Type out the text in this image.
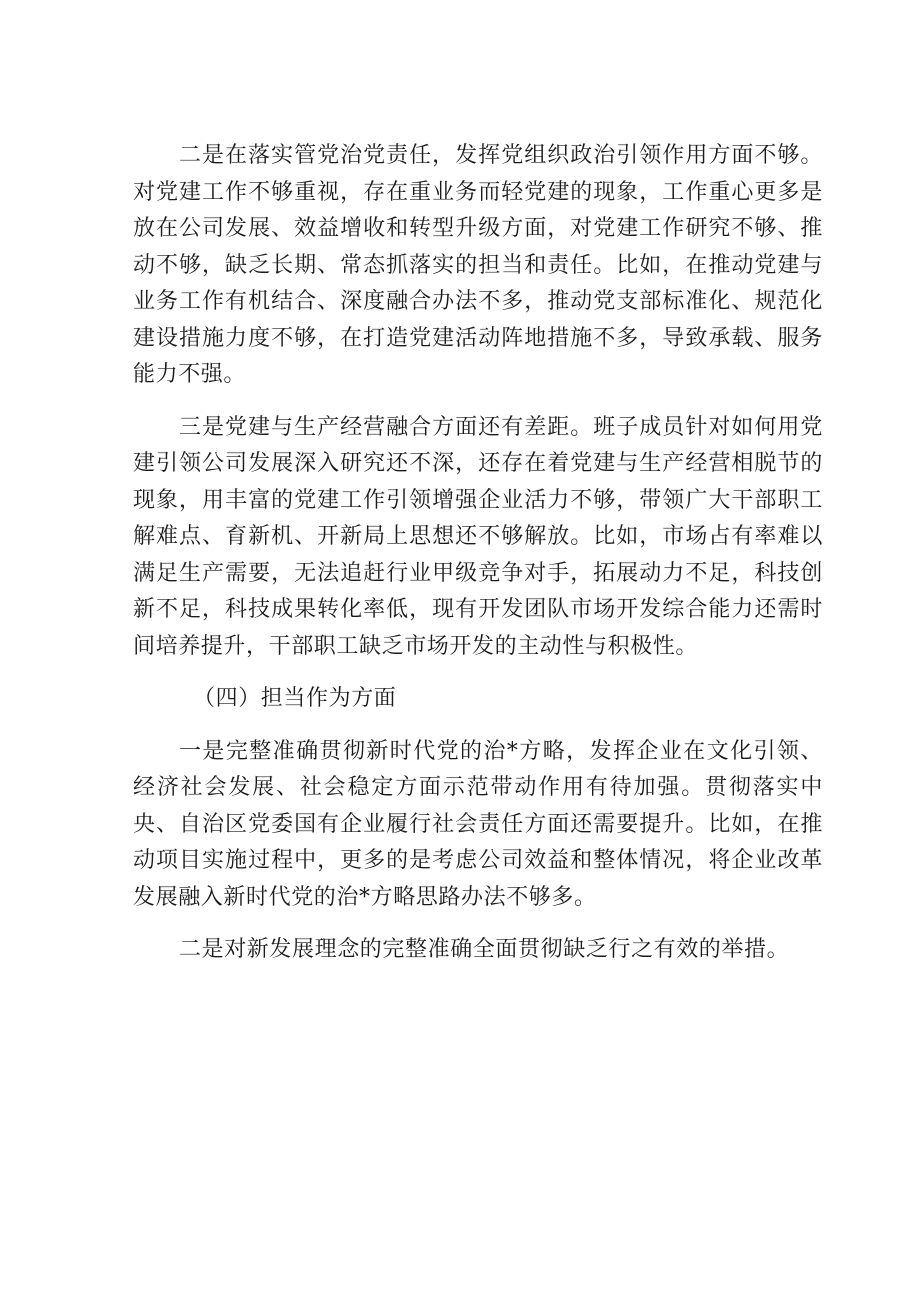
二是在落实管党治党责任，发挥党组织政治引领作用方面不够。对党建工作不够重视，存在重业务而轻党建的现象，工作重心更多是放在公司发展、效益增收和转型升级方面，对党建工作研究不够、推动不够，缺乏长期、常态抓落实的担当和责任。比如，在推动党建与业务工作有机结合、深度融合办法不多，推动党支部标准化、规范化建设措施力度不够，在打造党建活动阵地措施不多，导致承载、服务能力不强。

三是党建与生产经营融合方面还有差距。班子成员针对如何用党建引领公司发展深入研究还不深，还存在着党建与生产经营相脱节的现象，用丰富的党建工作引领增强企业活力不够，带领广大干部职工解难点、育新机、开新局上思想还不够解放。比如，市场占有率难以满足生产需要，无法追赶行业甲级竞争对手，拓展动力不足，科技创新不足，科技成果转化率低，现有开发团队市场开发综合能力还需时间培养提升，干部职工缺乏市场开发的主动性与积极性。

（四）担当作为方面

一是完整准确贯彻新时代党的治*方略，发挥企业在文化引领、经济社会发展、社会稳定方面示范带动作用有待加强。贯彻落实中央、自治区党委国有企业履行社会责任方面还需要提升。比如，在推动项目实施过程中，更多的是考虑公司效益和整体情况，将企业改革发展融入新时代党的治*方略思路办法不够多。

二是对新发展理念的完整准确全面贯彻缺乏行之有效的举措。
